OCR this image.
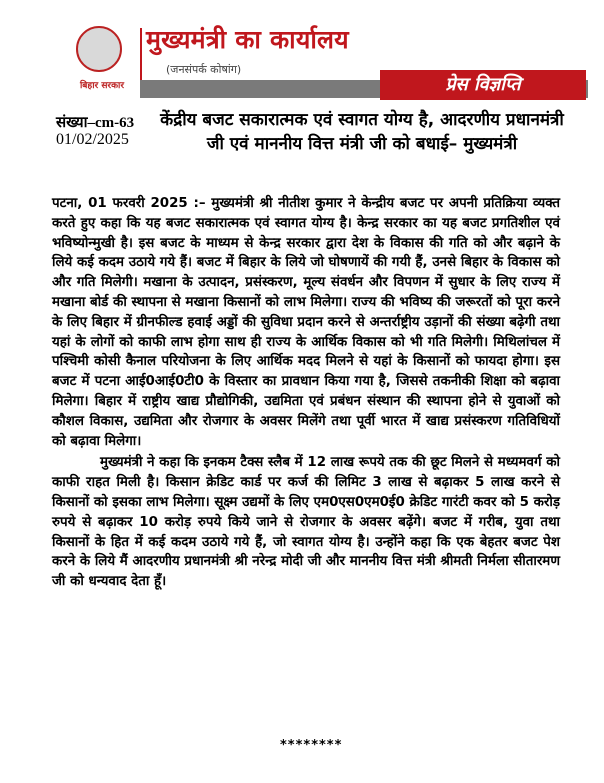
बिहार सरकार
मुख्यमंत्री का कार्यालय
(जनसंपर्क कोषांग)
प्रेस विज्ञप्ति
संख्या–cm-63
01/02/2025
केंद्रीय बजट सकारात्मक एवं स्वागत योग्य है, आदरणीय प्रधानमंत्री जी एवं माननीय वित्त मंत्री जी को बधाई– मुख्यमंत्री

पटना, 01 फरवरी 2025 :– मुख्यमंत्री श्री नीतीश कुमार ने केन्द्रीय बजट पर अपनी प्रतिक्रिया व्यक्त करते हुए कहा कि यह बजट सकारात्मक एवं स्वागत योग्य है। केन्द्र सरकार का यह बजट प्रगतिशील एवं भविष्योन्मुखी है। इस बजट के माध्यम से केन्द्र सरकार द्वारा देश के विकास की गति को और बढ़ाने के लिये कई कदम उठाये गये हैं। बजट में बिहार के लिये जो घोषणायें की गयी हैं, उनसे बिहार के विकास को और गति मिलेगी। मखाना के उत्पादन, प्रसंस्करण, मूल्य संवर्धन और विपणन में सुधार के लिए राज्य में मखाना बोर्ड की स्थापना से मखाना किसानों को लाभ मिलेगा। राज्य की भविष्य की जरूरतों को पूरा करने के लिए बिहार में ग्रीनफील्ड हवाई अड्डों की सुविधा प्रदान करने से अन्तर्राष्ट्रीय उड़ानों की संख्या बढ़ेगी तथा यहां के लोगों को काफी लाभ होगा साथ ही राज्य के आर्थिक विकास को भी गति मिलेगी। मिथिलांचल में पश्चिमी कोसी कैनाल परियोजना के लिए आर्थिक मदद मिलने से यहां के किसानों को फायदा होगा। इस बजट में पटना आई0आई0टी0 के विस्तार का प्रावधान किया गया है, जिससे तकनीकी शिक्षा को बढ़ावा मिलेगा। बिहार में राष्ट्रीय खाद्य प्रौद्योगिकी, उद्यमिता एवं प्रबंधन संस्थान की स्थापना होने से युवाओं को कौशल विकास, उद्यमिता और रोजगार के अवसर मिलेंगे तथा पूर्वी भारत में खाद्य प्रसंस्करण गतिविधियों को बढ़ावा मिलेगा।

मुख्यमंत्री ने कहा कि इनकम टैक्स स्लैब में 12 लाख रूपये तक की छूट मिलने से मध्यमवर्ग को काफी राहत मिली है। किसान क्रेडिट कार्ड पर कर्ज की लिमिट 3 लाख से बढ़ाकर 5 लाख करने से किसानों को इसका लाभ मिलेगा। सूक्ष्म उद्यमों के लिए एम0एस0एम0ई0 क्रेडिट गारंटी कवर को 5 करोड़ रुपये से बढ़ाकर 10 करोड़ रुपये किये जाने से रोजगार के अवसर बढ़ेंगे। बजट में गरीब, युवा तथा किसानों के हित में कई कदम उठाये गये हैं, जो स्वागत योग्य है। उन्होंने कहा कि एक बेहतर बजट पेश करने के लिये मैं आदरणीय प्रधानमंत्री श्री नरेन्द्र मोदी जी और माननीय वित्त मंत्री श्रीमती निर्मला सीतारमण जी को धन्यवाद देता हूँ।

********
